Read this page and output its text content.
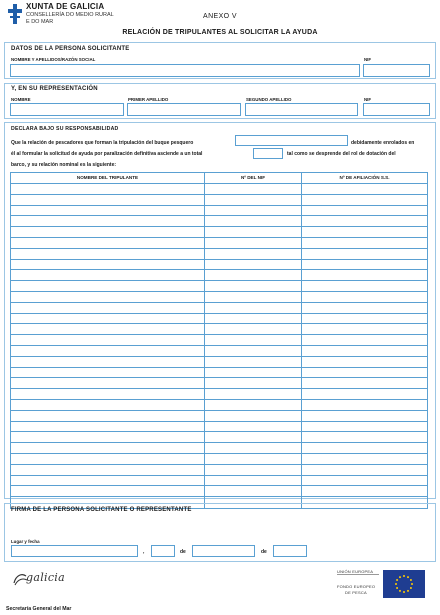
XUNTA DE GALICIA
CONSELLERÍA DO MEDIO RURAL
E DO MAR
ANEXO V
RELACIÓN DE TRIPULANTES AL SOLICITAR LA AYUDA
DATOS DE LA PERSONA SOLICITANTE
NOMBRE Y APELLIDOS/RAZÓN SOCIAL	NIF
Y, EN SU REPRESENTACIÓN
NOMBRE	PRIMER APELLIDO	SEGUNDO APELLIDO	NIF
DECLARA BAJO SU RESPONSABILIDAD
Que la relación de pescadores que forman la tripulación del buque pesquero	debidamente enrolados en
él al formular la solicitud de ayuda por paralización definitiva asciende a un total	tal como se desprende del rol de dotación del
barco, y su relación nominal es la siguiente:
NOMBRE DEL TRIPULANTE	Nº DEL NIF	Nº DE AFILIACIÓN S.S.
FIRMA DE LA PERSONA SOLICITANTE O REPRESENTANTE
Lugar y fecha
,	de	de
galicia	UNIÓN EUROPEA
FONDO EUROPEO
DE PESCA
Secretaría General del Mar
